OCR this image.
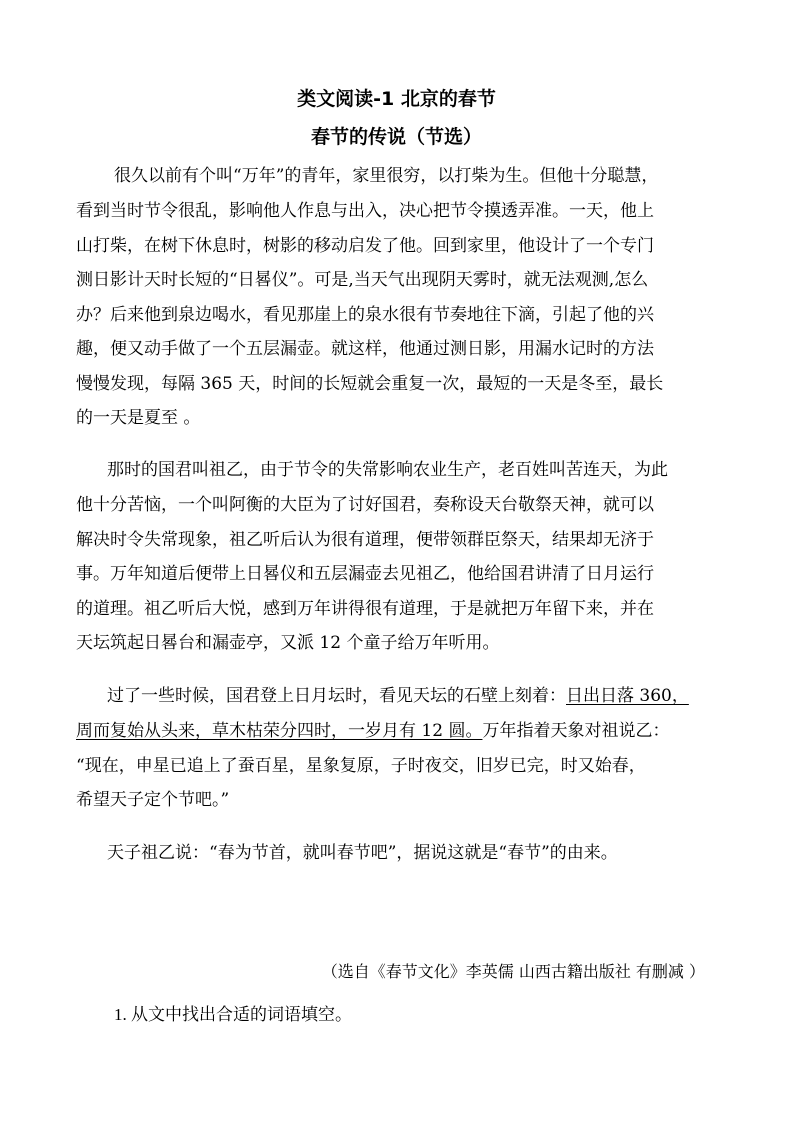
类文阅读-1 北京的春节
春节的传说（节选）
很久以前有个叫“万年”的青年，家里很穷，以打柴为生。但他十分聪慧，
看到当时节令很乱，影响他人作息与出入，决心把节令摸透弄准。一天，他上
山打柴，在树下休息时，树影的移动启发了他。回到家里，他设计了一个专门
测日影计天时长短的“日晷仪”。可是,当天气出现阴天雾时，就无法观测,怎么
办？后来他到泉边喝水，看见那崖上的泉水很有节奏地往下滴，引起了他的兴
趣，便又动手做了一个五层漏壶。就这样，他通过测日影，用漏水记时的方法
慢慢发现，每隔 365 天，时间的长短就会重复一次，最短的一天是冬至，最长
的一天是夏至 。
那时的国君叫祖乙，由于节令的失常影响农业生产，老百姓叫苦连天，为此
他十分苦恼，一个叫阿衡的大臣为了讨好国君，奏称设天台敬祭天神，就可以
解决时令失常现象，祖乙听后认为很有道理，便带领群臣祭天，结果却无济于
事。万年知道后便带上日晷仪和五层漏壶去见祖乙，他给国君讲清了日月运行
的道理。祖乙听后大悦，感到万年讲得很有道理，于是就把万年留下来，并在
天坛筑起日晷台和漏壶亭，又派 12 个童子给万年听用。
过了一些时候，国君登上日月坛时，看见天坛的石壁上刻着：日出日落 360，
周而复始从头来，草木枯荣分四时，一岁月有 12 圆。万年指着天象对祖说乙：
“现在，申星已追上了蚕百星，星象复原，子时夜交，旧岁已完，时又始春，
希望天子定个节吧。”
天子祖乙说：“春为节首，就叫春节吧”，据说这就是“春节”的由来。
（选自《春节文化》李英儒 山西古籍出版社 有删减 ）
1. 从文中找出合适的词语填空。
